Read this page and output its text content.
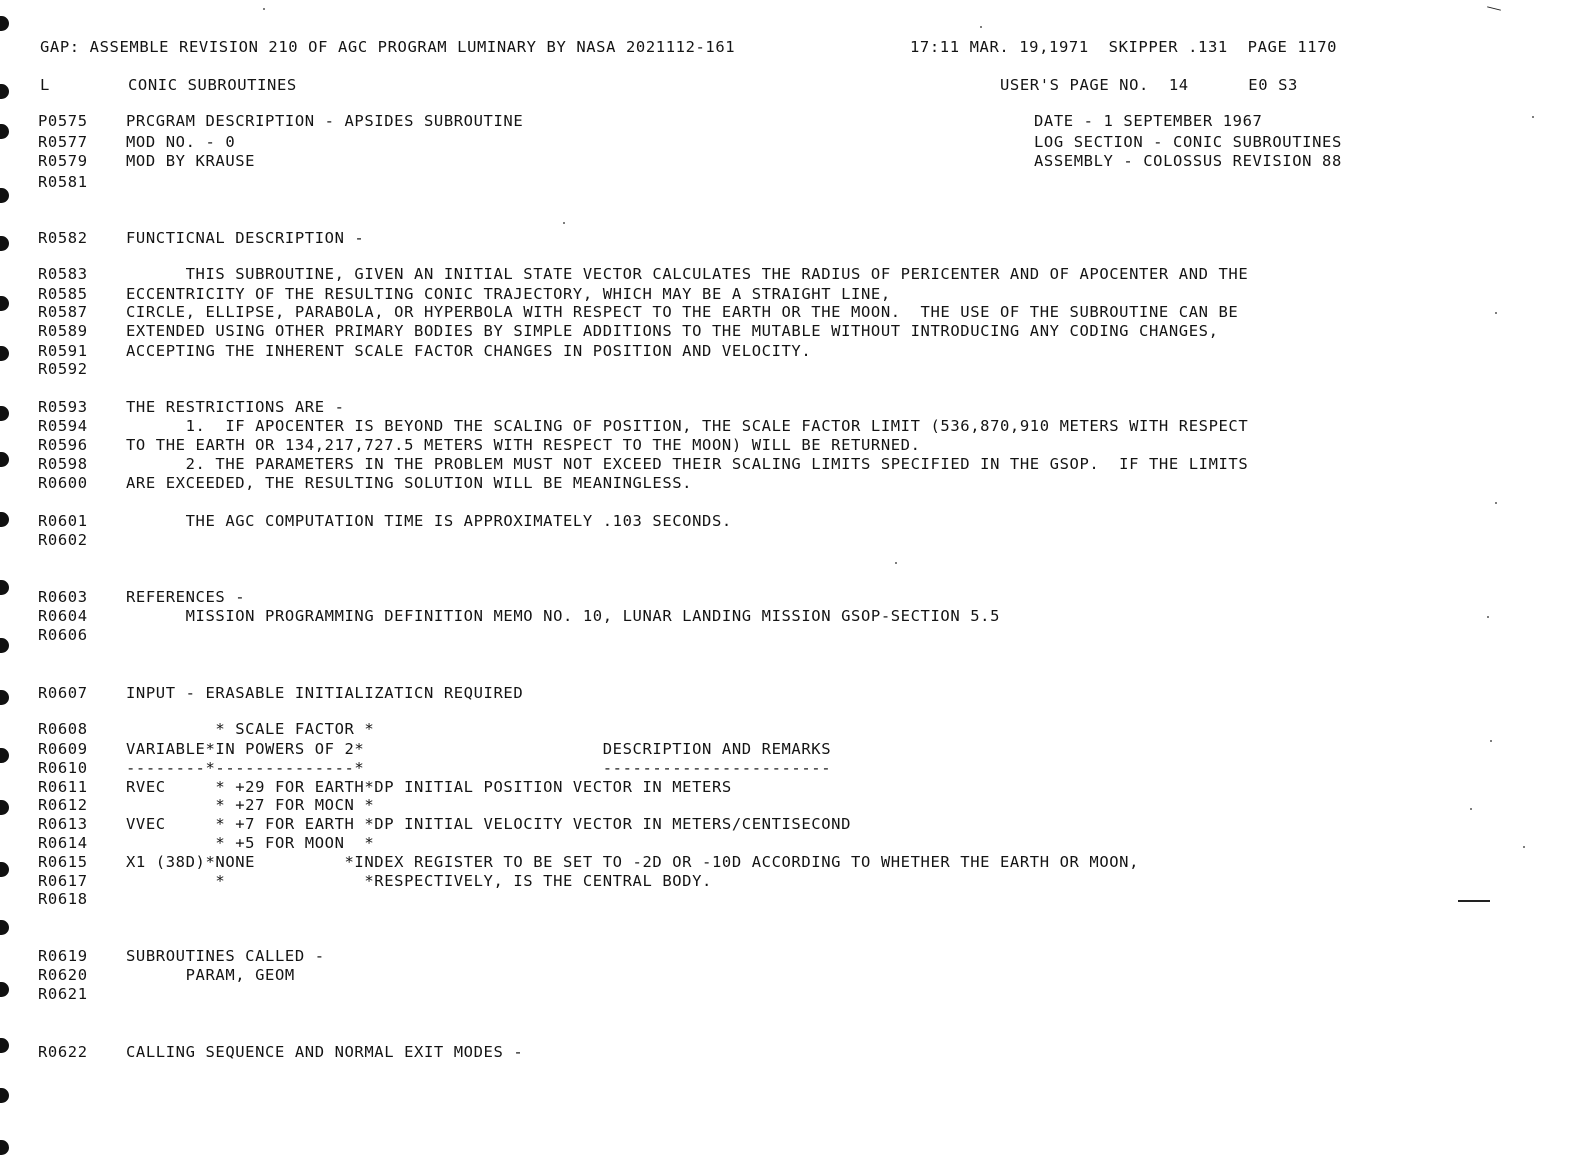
GAP: ASSEMBLE REVISION 210 OF AGC PROGRAM LUMINARY BY NASA 2021112-161	17:11 MAR. 19,1971  SKIPPER .131  PAGE 1170
L	CONIC SUBROUTINES	USER'S PAGE NO.  14      E0 S3
P0575 PRCGRAM DESCRIPTION - APSIDES SUBROUTINE	DATE - 1 SEPTEMBER 1967
R0577 MOD NO. - 0	LOG SECTION - CONIC SUBROUTINES
R0579 MOD BY KRAUSE	ASSEMBLY - COLOSSUS REVISION 88
R0581
R0582 FUNCTICNAL DESCRIPTION -
R0583 THIS SUBROUTINE, GIVEN AN INITIAL STATE VECTOR CALCULATES THE RADIUS OF PERICENTER AND OF APOCENTER AND THE
R0585 ECCENTRICITY OF THE RESULTING CONIC TRAJECTORY, WHICH MAY BE A STRAIGHT LINE,
R0587 CIRCLE, ELLIPSE, PARABOLA, OR HYPERBOLA WITH RESPECT TO THE EARTH OR THE MOON.  THE USE OF THE SUBROUTINE CAN BE
R0589 EXTENDED USING OTHER PRIMARY BODIES BY SIMPLE ADDITIONS TO THE MUTABLE WITHOUT INTRODUCING ANY CODING CHANGES,
R0591 ACCEPTING THE INHERENT SCALE FACTOR CHANGES IN POSITION AND VELOCITY.
R0592
R0593 THE RESTRICTIONS ARE -
R0594 1.  IF APOCENTER IS BEYOND THE SCALING OF POSITION, THE SCALE FACTOR LIMIT (536,870,910 METERS WITH RESPECT
R0596 TO THE EARTH OR 134,217,727.5 METERS WITH RESPECT TO THE MOON) WILL BE RETURNED.
R0598 2. THE PARAMETERS IN THE PROBLEM MUST NOT EXCEED THEIR SCALING LIMITS SPECIFIED IN THE GSOP.  IF THE LIMITS
R0600 ARE EXCEEDED, THE RESULTING SOLUTION WILL BE MEANINGLESS.
R0601 THE AGC COMPUTATION TIME IS APPROXIMATELY .103 SECONDS.
R0602
R0603 REFERENCES -
R0604 MISSION PROGRAMMING DEFINITION MEMO NO. 10, LUNAR LANDING MISSION GSOP-SECTION 5.5
R0606
R0607 INPUT - ERASABLE INITIALIZATICN REQUIRED
R0608 * SCALE FACTOR *
R0609 VARIABLE*IN POWERS OF 2*                        DESCRIPTION AND REMARKS
R0610 --------*--------------*                        -----------------------
R0611 RVEC     * +29 FOR EARTH*DP INITIAL POSITION VECTOR IN METERS
R0612 * +27 FOR MOCN *
R0613 VVEC     * +7 FOR EARTH *DP INITIAL VELOCITY VECTOR IN METERS/CENTISECOND
R0614 * +5 FOR MOON  *
R0615 X1 (38D)*NONE         *INDEX REGISTER TO BE SET TO -2D OR -10D ACCORDING TO WHETHER THE EARTH OR MOON,
R0617 *              *RESPECTIVELY, IS THE CENTRAL BODY.
R0618
R0619 SUBROUTINES CALLED -
R0620 PARAM, GEOM
R0621
R0622 CALLING SEQUENCE AND NORMAL EXIT MODES -
